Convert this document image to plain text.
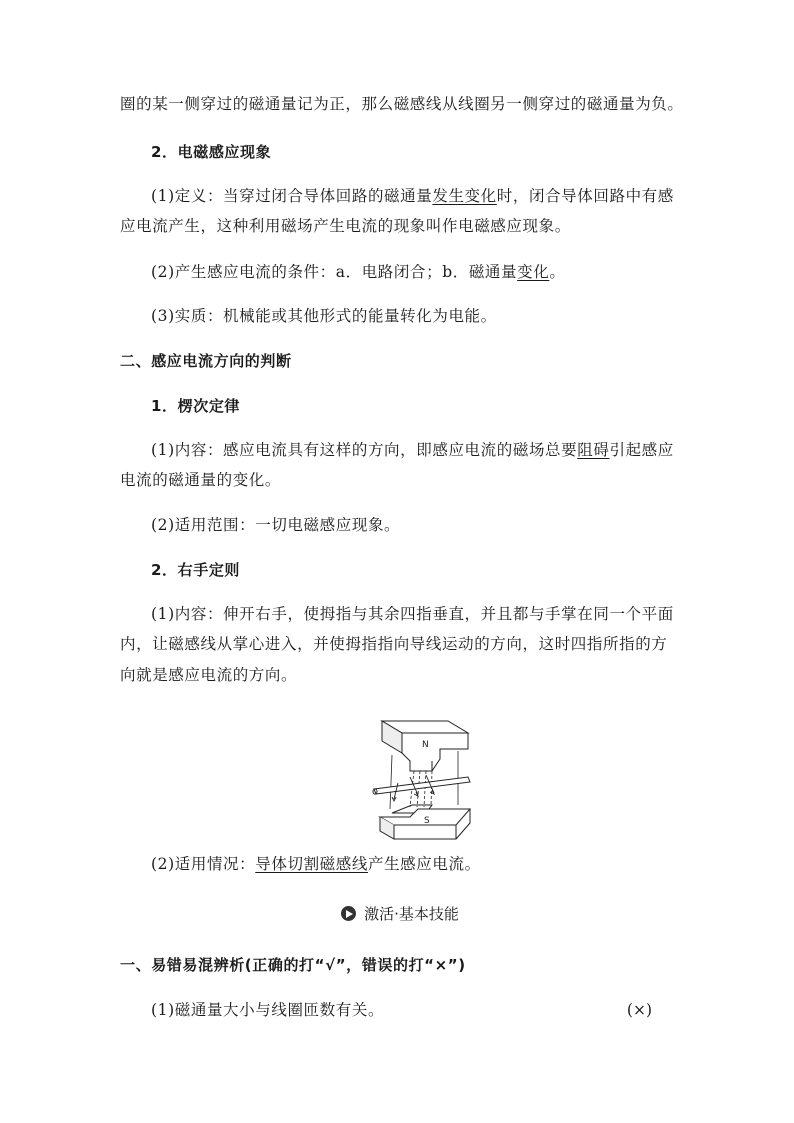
圈的某一侧穿过的磁通量记为正，那么磁感线从线圈另一侧穿过的磁通量为负。
2．电磁感应现象
(1)定义：当穿过闭合导体回路的磁通量发生变化时，闭合导体回路中有感
应电流产生，这种利用磁场产生电流的现象叫作电磁感应现象。
(2)产生感应电流的条件：a．电路闭合；b．磁通量变化。
(3)实质：机械能或其他形式的能量转化为电能。
二、感应电流方向的判断
1．楞次定律
(1)内容：感应电流具有这样的方向，即感应电流的磁场总要阻碍引起感应
电流的磁通量的变化。
(2)适用范围：一切电磁感应现象。
2．右手定则
(1)内容：伸开右手，使拇指与其余四指垂直，并且都与手掌在同一个平面
内，让磁感线从掌心进入，并使拇指指向导线运动的方向，这时四指所指的方
向就是感应电流的方向。
N
S
(2)适用情况：导体切割磁感线产生感应电流。
激活·基本技能
一、易错易混辨析(正确的打“√”，错误的打“×”)
(1)磁通量大小与线圈匝数有关。	(×)
